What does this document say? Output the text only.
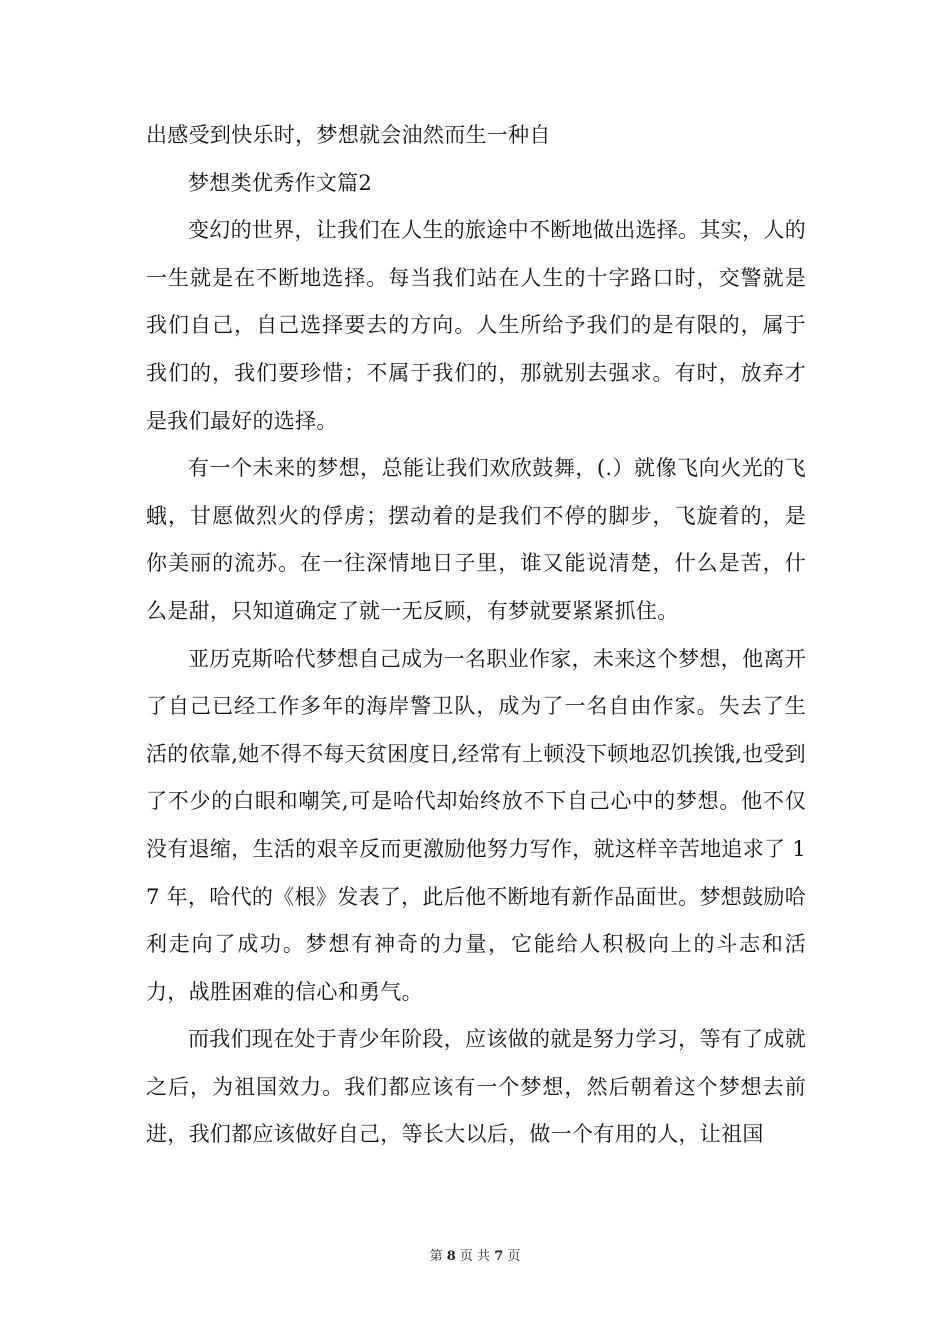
出感受到快乐时，梦想就会油然而生一种自

梦想类优秀作文篇2

变幻的世界，让我们在人生的旅途中不断地做出选择。其实，人的一生就是在不断地选择。每当我们站在人生的十字路口时，交警就是我们自己，自己选择要去的方向。人生所给予我们的是有限的，属于我们的，我们要珍惜；不属于我们的，那就别去强求。有时，放弃才是我们最好的选择。

有一个未来的梦想，总能让我们欢欣鼓舞，(.）就像飞向火光的飞蛾，甘愿做烈火的俘虏；摆动着的是我们不停的脚步，飞旋着的，是你美丽的流苏。在一往深情地日子里，谁又能说清楚，什么是苦，什么是甜，只知道确定了就一无反顾，有梦就要紧紧抓住。

亚历克斯哈代梦想自己成为一名职业作家，未来这个梦想，他离开了自己已经工作多年的海岸警卫队，成为了一名自由作家。失去了生活的依靠,她不得不每天贫困度日,经常有上顿没下顿地忍饥挨饿,也受到了不少的白眼和嘲笑,可是哈代却始终放不下自己心中的梦想。他不仅没有退缩，生活的艰辛反而更激励他努力写作，就这样辛苦地追求了 17 年，哈代的《根》发表了，此后他不断地有新作品面世。梦想鼓励哈利走向了成功。梦想有神奇的力量，它能给人积极向上的斗志和活力，战胜困难的信心和勇气。

而我们现在处于青少年阶段，应该做的就是努力学习，等有了成就之后，为祖国效力。我们都应该有一个梦想，然后朝着这个梦想去前进，我们都应该做好自己，等长大以后，做一个有用的人，让祖国

第 8 页 共 7 页
